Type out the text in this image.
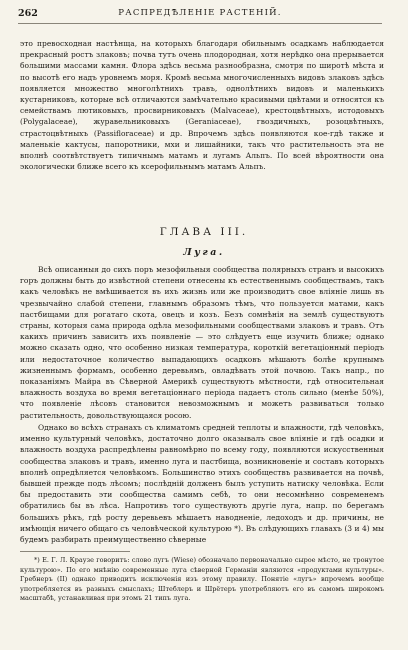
262	РАСПРЕДѢЛЕНІЕ РАСТЕНІЙ.

это превосходная настѣнща, на которыхъ благодаря обильнымъ осадкамъ наблюдается прекрасный ростъ злаковъ; почва тутъ очень плодородная, хотя нерѣдко она прерывается большими массами камня. Флора здѣсь весьма разнообразна, смотря по широтѣ мѣста и по высотѣ его надъ уровнемъ моря. Кромѣ весьма многочисленныхъ видовъ злаковъ здѣсь появляется множество многолѣтнихъ травъ, однолѣтнихъ видовъ и маленькихъ кустарниковъ, которые всѣ отличаются замѣчательно красивыми цвѣтами и относятся къ семействамъ лютиковыхъ, просвирниковыхъ (Malvaceae), крестоцвѣтныхъ, истодовыхъ (Polygalaceae), журавельниковыхъ (Geraniaceae), гвоздичныхъ, розоцвѣтныхъ, страстоцвѣтныхъ (Passifloraceae) и др. Впрочемъ здѣсь появляются кое-гдѣ также и маленькіе кактусы, папоротники, мхи и лишайники, такъ что растительность эта не вполнѣ соотвѣтствуетъ типичнымъ матамъ и лугамъ Альпъ. По всей вѣроятности она экологически ближе всего къ ксерофильнымъ матамъ Альпъ.

ГЛАВА III.
Луга.

Всѣ описанныя до сихъ поръ мезофильныя сообщества полярныхъ странъ и высокихъ горъ должны быть до извѣстной степени отнесены къ естественнымъ сообществамъ, такъ какъ человѣкъ не вмѣшивается въ ихъ жизнь или же производитъ свое вліяніе лишь въ чрезвычайно слабой степени, главнымъ образомъ тѣмъ, что пользуется матами, какъ пастбищами для рогатаго скота, овецъ и козъ. Безъ сомнѣнія на землѣ существуютъ страны, которыя сама природа одѣла мезофильными сообществами злаковъ и травъ. Отъ какихъ причинъ зависитъ ихъ появленіе — это слѣдуетъ еще изучить ближе; однако можно сказать одно, что особенно низкая температура, короткій вегетаціонный періодъ или недостаточное количество выпадающихъ осадковъ мѣшаютъ болѣе крупнымъ жизненнымъ формамъ, особенно деревьямъ, овладѣвать этой почвою. Такъ напр., по показаніямъ Майра въ Сѣверной Америкѣ существуютъ мѣстности, гдѣ относительная влажность воздуха во время вегетаціоннаго періода падаетъ столь сильно (менѣе 50%), что появленіе лѣсовъ становится невозможнымъ и можетъ развиваться только растительность, довольствующаяся росою.

Однако во всѣхъ странахъ съ климатомъ средней теплоты и влажности, гдѣ человѣкъ, именно культурный человѣкъ, достаточно долго оказывалъ свое вліяніе и гдѣ осадки и влажность воздуха распредѣлены равномѣрно по всему году, появляются искусственныя сообщества злаковъ и травъ, именно луга и пастбища, возникновеніе и составъ которыхъ вполнѣ опредѣляется человѣкомъ. Большинство этихъ сообществъ развивается на почвѣ, бывшей прежде подъ лѣсомъ; послѣдній долженъ былъ уступить натиску человѣка. Если бы предоставить эти сообщества самимъ себѣ, то они несомнѣнно современемъ обратились бы въ лѣса. Напротивъ того существуютъ другіе луга, напр. по берегамъ большихъ рѣкъ, гдѣ росту деревьевъ мѣшаетъ наводненіе, ледоходъ и др. причины, не имѣющія ничего общаго съ человѣческой культурою *). Въ слѣдующихъ главахъ (3 и 4) мы будемъ разбирать преимущественно сѣверные

*) Е. Г. Л. Краузе говоритъ: слово лугъ (Wiese) обозначало первоначально сырое мѣсто, не тронутое культурою». По его мнѣнію современные луга сѣверной Германіи являются «продуктами культуры». Гребнеръ (II) однако приводитъ исключенія изъ этому правилу. Понятіе «лугъ» впрочемъ вообще употребляется въ разныхъ смыслахъ; Штеблеръ и Шрётеръ употребляютъ его въ самомъ широкомъ масштабѣ, устанавливая при этомъ 21 типъ луга.
